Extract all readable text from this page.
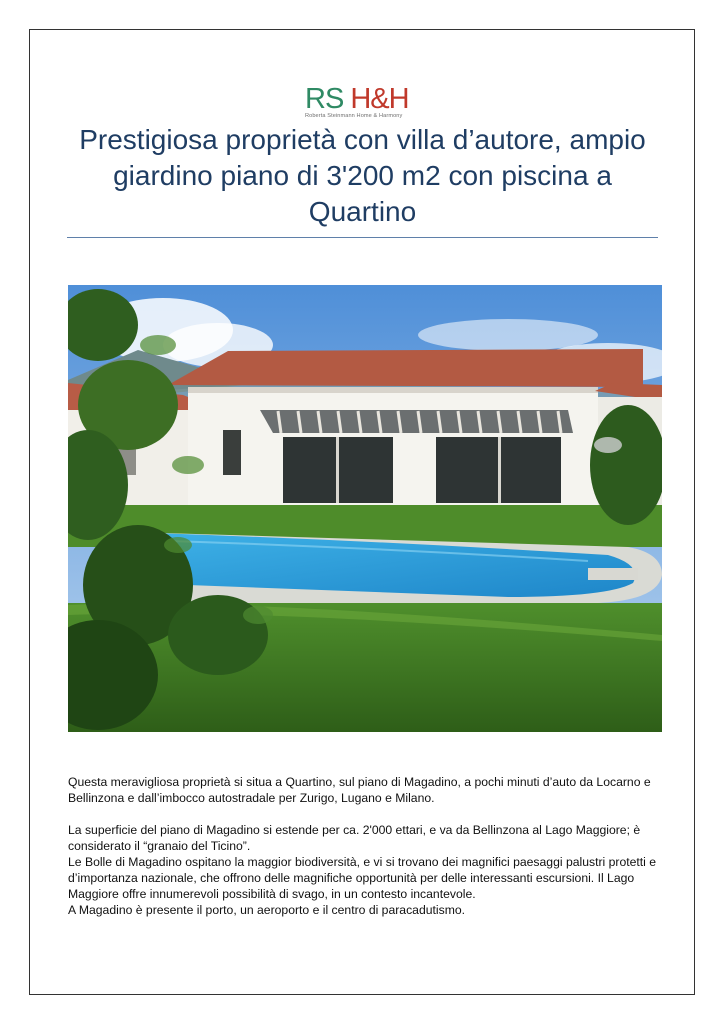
RS H&H
Roberta Steinmann Home & Harmony
Prestigiosa proprietà con villa d’autore, ampio giardino piano di 3'200 m2 con piscina a Quartino

Questa meravigliosa proprietà si situa a Quartino, sul piano di Magadino, a pochi minuti d’auto da Locarno e Bellinzona e dall’imbocco autostradale per Zurigo, Lugano e Milano.

La superficie del piano di Magadino si estende per ca. 2'000 ettari, e va da Bellinzona al Lago Maggiore; è considerato il “granaio del Ticino”.

Le Bolle di Magadino ospitano la maggior biodiversità, e vi si trovano dei magnifici paesaggi palustri protetti e d’importanza nazionale, che offrono delle magnifiche opportunità per delle interessanti escursioni. Il Lago Maggiore offre innumerevoli possibilità di svago, in un contesto incantevole.

A Magadino è presente il porto, un aeroporto e il centro di paracadutismo.
